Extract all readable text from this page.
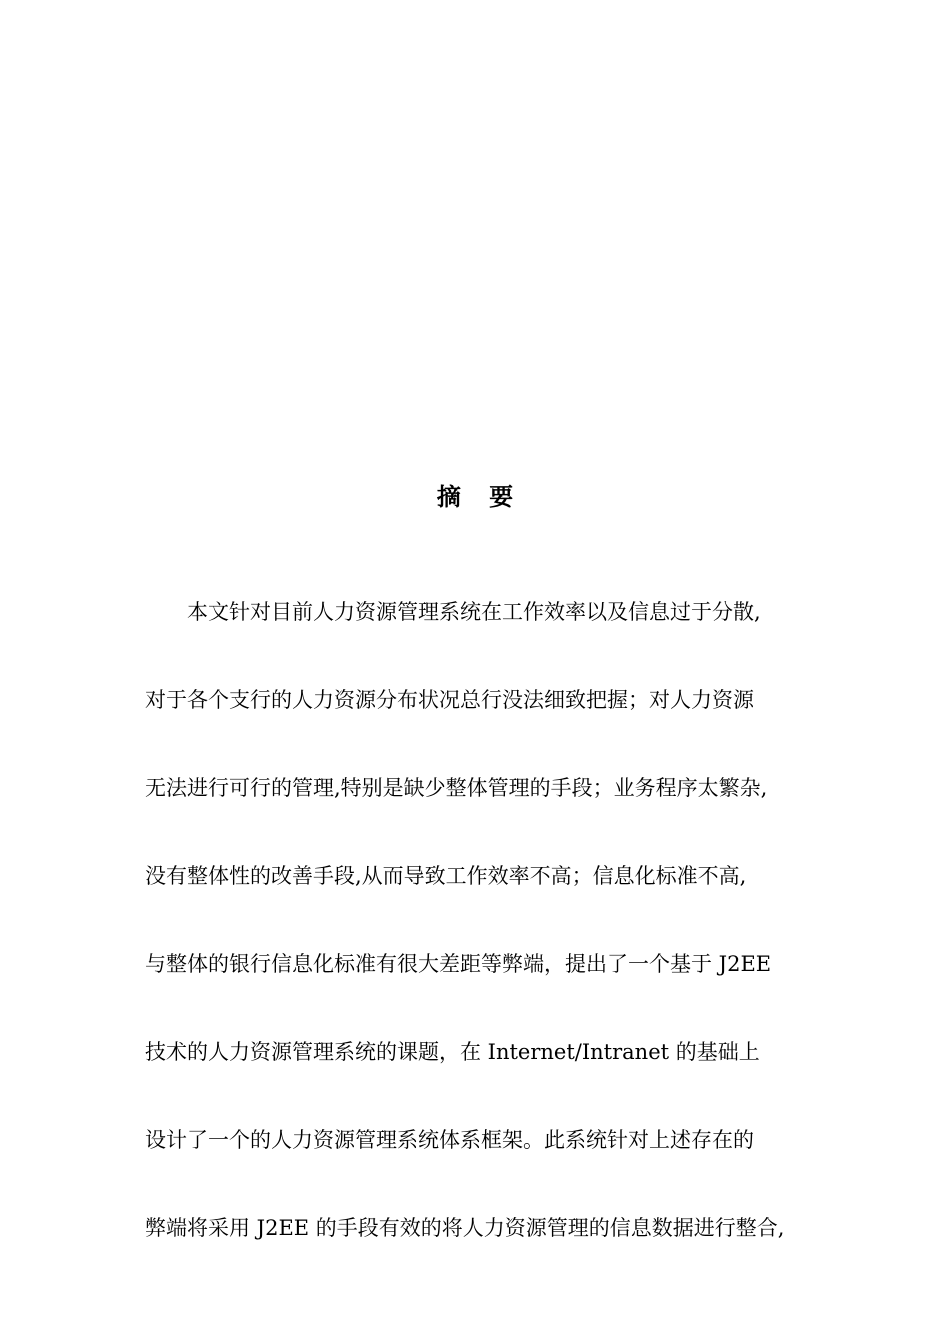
摘 要
本文针对目前人力资源管理系统在工作效率以及信息过于分散,
对于各个支行的人力资源分布状况总行没法细致把握；对人力资源
无法进行可行的管理,特别是缺少整体管理的手段；业务程序太繁杂,
没有整体性的改善手段,从而导致工作效率不高；信息化标准不高,
与整体的银行信息化标准有很大差距等弊端，提出了一个基于 J2EE
技术的人力资源管理系统的课题，在 Internet/Intranet 的基础上
设计了一个的人力资源管理系统体系框架。此系统针对上述存在的
弊端将采用 J2EE 的手段有效的将人力资源管理的信息数据进行整合,
